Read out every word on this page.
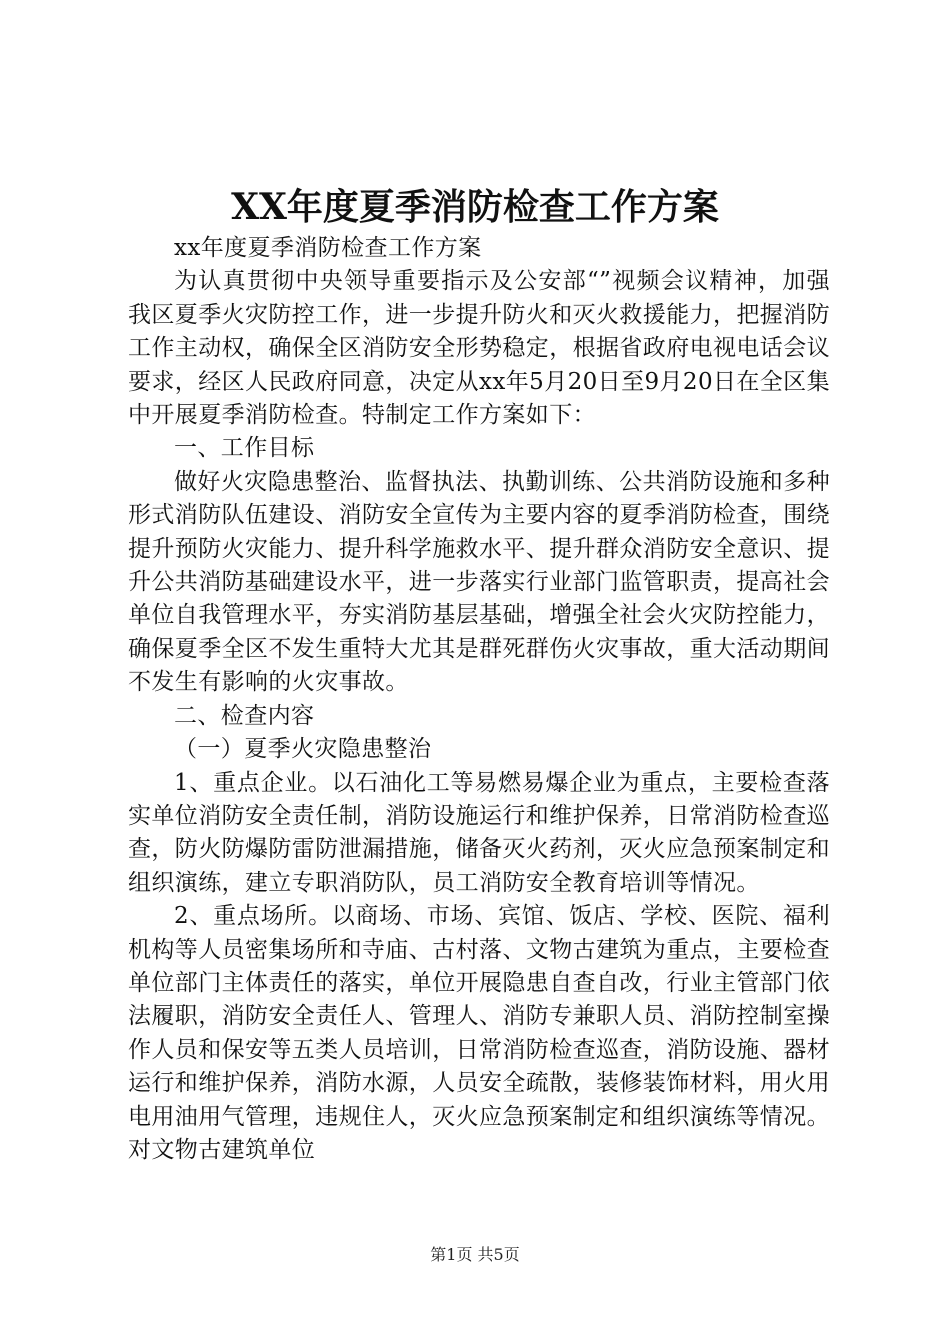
XX年度夏季消防检查工作方案

xx年度夏季消防检查工作方案

为认真贯彻中央领导重要指示及公安部“”视频会议精神，加强我区夏季火灾防控工作，进一步提升防火和灭火救援能力，把握消防工作主动权，确保全区消防安全形势稳定，根据省政府电视电话会议要求，经区人民政府同意，决定从xx年5月20日至9月20日在全区集中开展夏季消防检查。特制定工作方案如下：

一、工作目标

做好火灾隐患整治、监督执法、执勤训练、公共消防设施和多种形式消防队伍建设、消防安全宣传为主要内容的夏季消防检查，围绕提升预防火灾能力、提升科学施救水平、提升群众消防安全意识、提升公共消防基础建设水平，进一步落实行业部门监管职责，提高社会单位自我管理水平，夯实消防基层基础，增强全社会火灾防控能力，确保夏季全区不发生重特大尤其是群死群伤火灾事故，重大活动期间不发生有影响的火灾事故。

二、检查内容

（一）夏季火灾隐患整治

1、重点企业。以石油化工等易燃易爆企业为重点，主要检查落实单位消防安全责任制，消防设施运行和维护保养，日常消防检查巡查，防火防爆防雷防泄漏措施，储备灭火药剂，灭火应急预案制定和组织演练，建立专职消防队，员工消防安全教育培训等情况。

2、重点场所。以商场、市场、宾馆、饭店、学校、医院、福利机构等人员密集场所和寺庙、古村落、文物古建筑为重点，主要检查单位部门主体责任的落实，单位开展隐患自查自改，行业主管部门依法履职，消防安全责任人、管理人、消防专兼职人员、消防控制室操作人员和保安等五类人员培训，日常消防检查巡查，消防设施、器材运行和维护保养，消防水源，人员安全疏散，装修装饰材料，用火用电用油用气管理，违规住人，灭火应急预案制定和组织演练等情况。对文物古建筑单位

第1页 共5页
